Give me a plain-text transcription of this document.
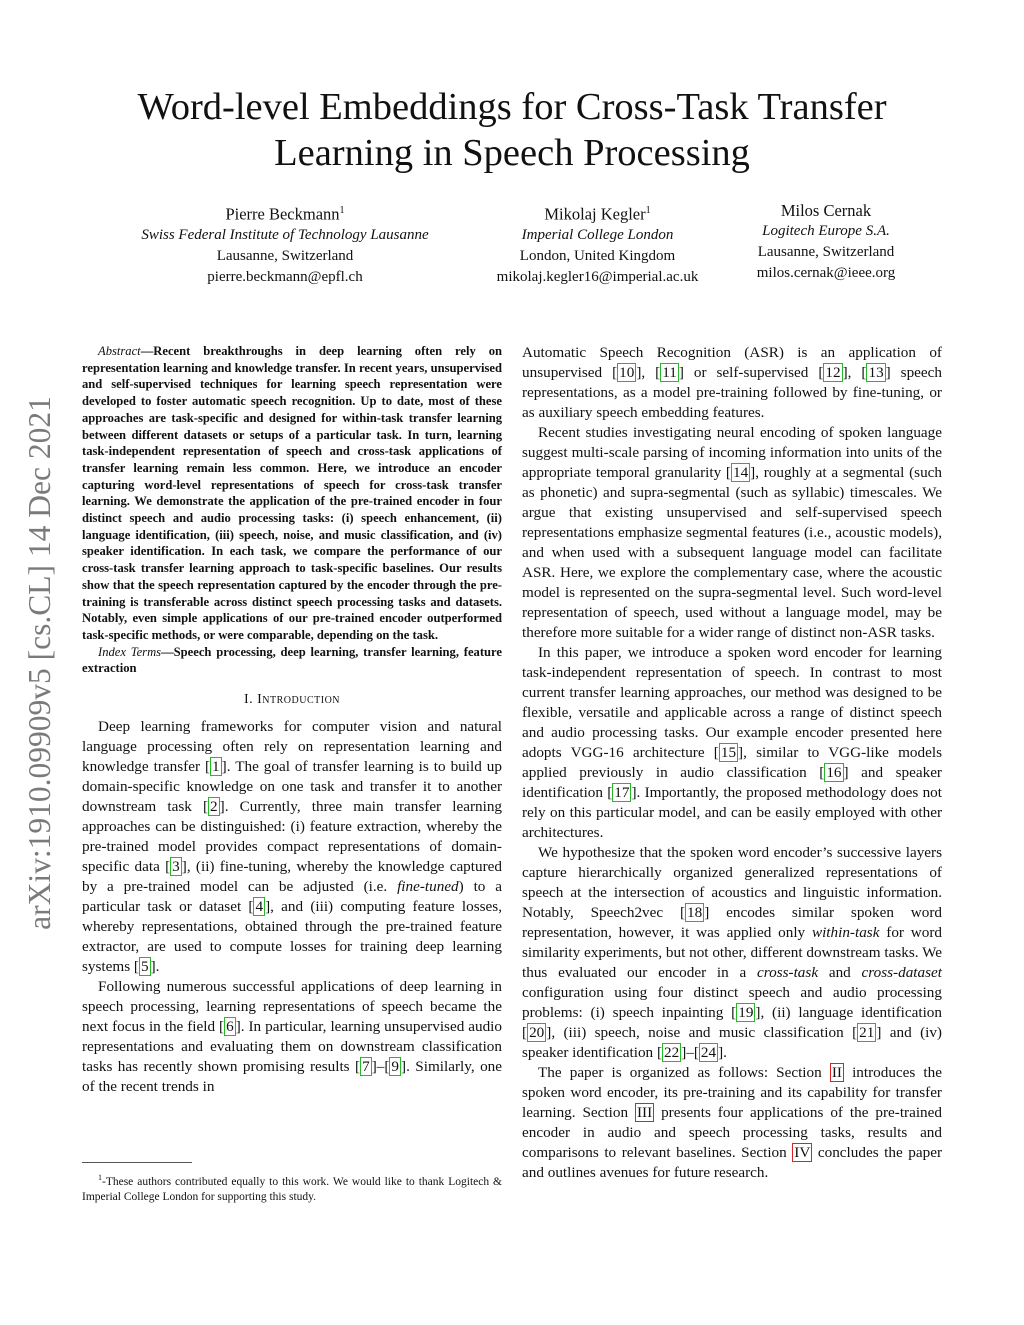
Word-level Embeddings for Cross-Task Transfer Learning in Speech Processing
Pierre Beckmann$^1$
Swiss Federal Institute of Technology Lausanne
Lausanne, Switzerland
pierre.beckmann@epfl.ch
Mikolaj Kegler$^1$
Imperial College London
London, United Kingdom
mikolaj.kegler16@imperial.ac.uk
Milos Cernak
Logitech Europe S.A.
Lausanne, Switzerland
milos.cernak@ieee.org
arXiv:1910.09909v5 [cs.CL] 14 Dec 2021

Abstract—Recent breakthroughs in deep learning often rely on representation learning and knowledge transfer. In recent years, unsupervised and self-supervised techniques for learning speech representation were developed to foster automatic speech recognition. Up to date, most of these approaches are task-specific and designed for within-task transfer learning between different datasets or setups of a particular task. In turn, learning task-independent representation of speech and cross-task applications of transfer learning remain less common. Here, we introduce an encoder capturing word-level representations of speech for cross-task transfer learning. We demonstrate the application of the pre-trained encoder in four distinct speech and audio processing tasks: (i) speech enhancement, (ii) language identification, (iii) speech, noise, and music classification, and (iv) speaker identification. In each task, we compare the performance of our cross-task transfer learning approach to task-specific baselines. Our results show that the speech representation captured by the encoder through the pre-training is transferable across distinct speech processing tasks and datasets. Notably, even simple applications of our pre-trained encoder outperformed task-specific methods, or were comparable, depending on the task.

Index Terms—Speech processing, deep learning, transfer learning, feature extraction

I. Introduction

Deep learning frameworks for computer vision and natural language processing often rely on representation learning and knowledge transfer [ 1 ]. The goal of transfer learning is to build up domain-specific knowledge on one task and transfer it to another downstream task [ 2 ]. Currently, three main transfer learning approaches can be distinguished: (i) feature extraction, whereby the pre-trained model provides compact representations of domain-specific data [ 3 ], (ii) fine-tuning, whereby the knowledge captured by a pre-trained model can be adjusted (i.e. fine-tuned) to a particular task or dataset [ 4 ], and (iii) computing feature losses, whereby representations, obtained through the pre-trained feature extractor, are used to compute losses for training deep learning systems [ 5 ].

Following numerous successful applications of deep learning in speech processing, learning representations of speech became the next focus in the field [ 6 ]. In particular, learning unsupervised audio representations and evaluating them on downstream classification tasks has recently shown promising results [ 7 ]–[ 9 ]. Similarly, one of the recent trends in

$^1$-These authors contributed equally to this work. We would like to thank Logitech & Imperial College London for supporting this study.

Automatic Speech Recognition (ASR) is an application of unsupervised [ 10 ], [ 11 ] or self-supervised [ 12 ], [ 13 ] speech representations, as a model pre-training followed by fine-tuning, or as auxiliary speech embedding features.

Recent studies investigating neural encoding of spoken language suggest multi-scale parsing of incoming information into units of the appropriate temporal granularity [ 14 ], roughly at a segmental (such as phonetic) and supra-segmental (such as syllabic) timescales. We argue that existing unsupervised and self-supervised speech representations emphasize segmental features (i.e., acoustic models), and when used with a subsequent language model can facilitate ASR. Here, we explore the complementary case, where the acoustic model is represented on the supra-segmental level. Such word-level representation of speech, used without a language model, may be therefore more suitable for a wider range of distinct non-ASR tasks.

In this paper, we introduce a spoken word encoder for learning task-independent representation of speech. In contrast to most current transfer learning approaches, our method was designed to be flexible, versatile and applicable across a range of distinct speech and audio processing tasks. Our example encoder presented here adopts VGG-16 architecture [ 15 ], similar to VGG-like models applied previously in audio classification [ 16 ] and speaker identification [ 17 ]. Importantly, the proposed methodology does not rely on this particular model, and can be easily employed with other architectures.

We hypothesize that the spoken word encoder’s successive layers capture hierarchically organized generalized representations of speech at the intersection of acoustics and linguistic information. Notably, Speech2vec [ 18 ] encodes similar spoken word representation, however, it was applied only within-task for word similarity experiments, but not other, different downstream tasks. We thus evaluated our encoder in a cross-task and cross-dataset configuration using four distinct speech and audio processing problems: (i) speech inpainting [ 19 ], (ii) language identification [ 20 ], (iii) speech, noise and music classification [ 21 ] and (iv) speaker identification [ 22 ]–[ 24 ].

The paper is organized as follows: Section II introduces the spoken word encoder, its pre-training and its capability for transfer learning. Section III presents four applications of the pre-trained encoder in audio and speech processing tasks, results and comparisons to relevant baselines. Section IV concludes the paper and outlines avenues for future research.
